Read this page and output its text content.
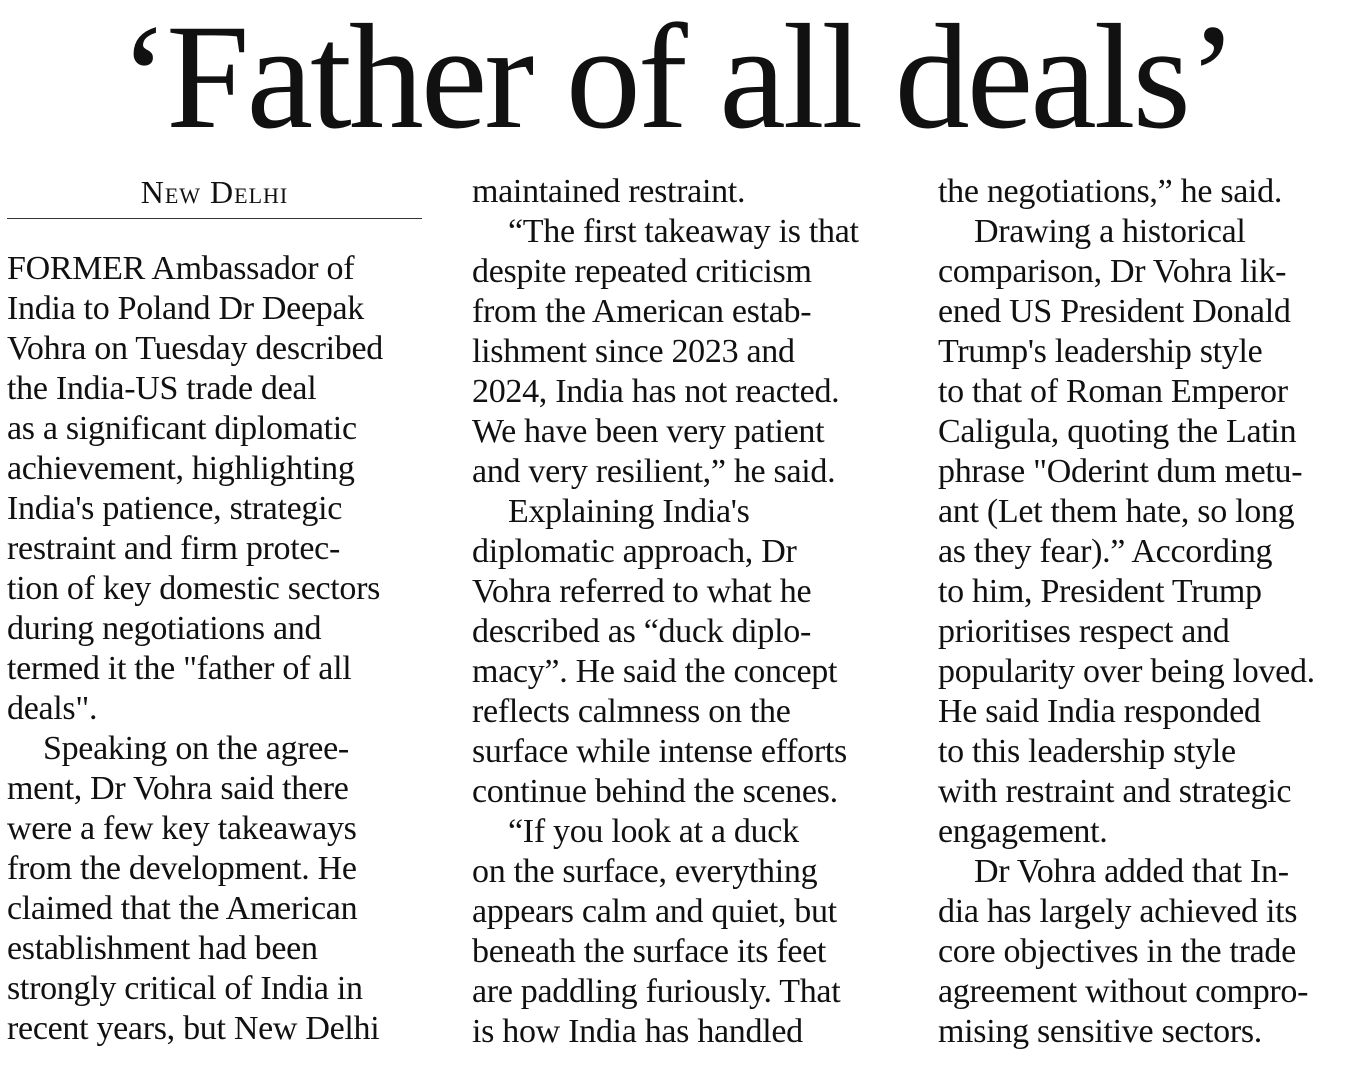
‘Father of all deals’
New Delhi
FORMER Ambassador of
India to Poland Dr Deepak
Vohra on Tuesday described
the India-US trade deal
as a significant diplomatic
achievement, highlighting
India's patience, strategic
restraint and firm protec-
tion of key domestic sectors
during negotiations and
termed it the "father of all
deals".
Speaking on the agree-
ment, Dr Vohra said there
were a few key takeaways
from the development. He
claimed that the American
establishment had been
strongly critical of India in
recent years, but New Delhi
maintained restraint.
“The first takeaway is that
despite repeated criticism
from the American estab-
lishment since 2023 and
2024, India has not reacted.
We have been very patient
and very resilient,” he said.
Explaining India's
diplomatic approach, Dr
Vohra referred to what he
described as “duck diplo-
macy”. He said the concept
reflects calmness on the
surface while intense efforts
continue behind the scenes.
“If you look at a duck
on the surface, everything
appears calm and quiet, but
beneath the surface its feet
are paddling furiously. That
is how India has handled
the negotiations,” he said.
Drawing a historical
comparison, Dr Vohra lik-
ened US President Donald
Trump's leadership style
to that of Roman Emperor
Caligula, quoting the Latin
phrase "Oderint dum metu-
ant (Let them hate, so long
as they fear).” According
to him, President Trump
prioritises respect and
popularity over being loved.
He said India responded
to this leadership style
with restraint and strategic
engagement.
Dr Vohra added that In-
dia has largely achieved its
core objectives in the trade
agreement without compro-
mising sensitive sectors.
